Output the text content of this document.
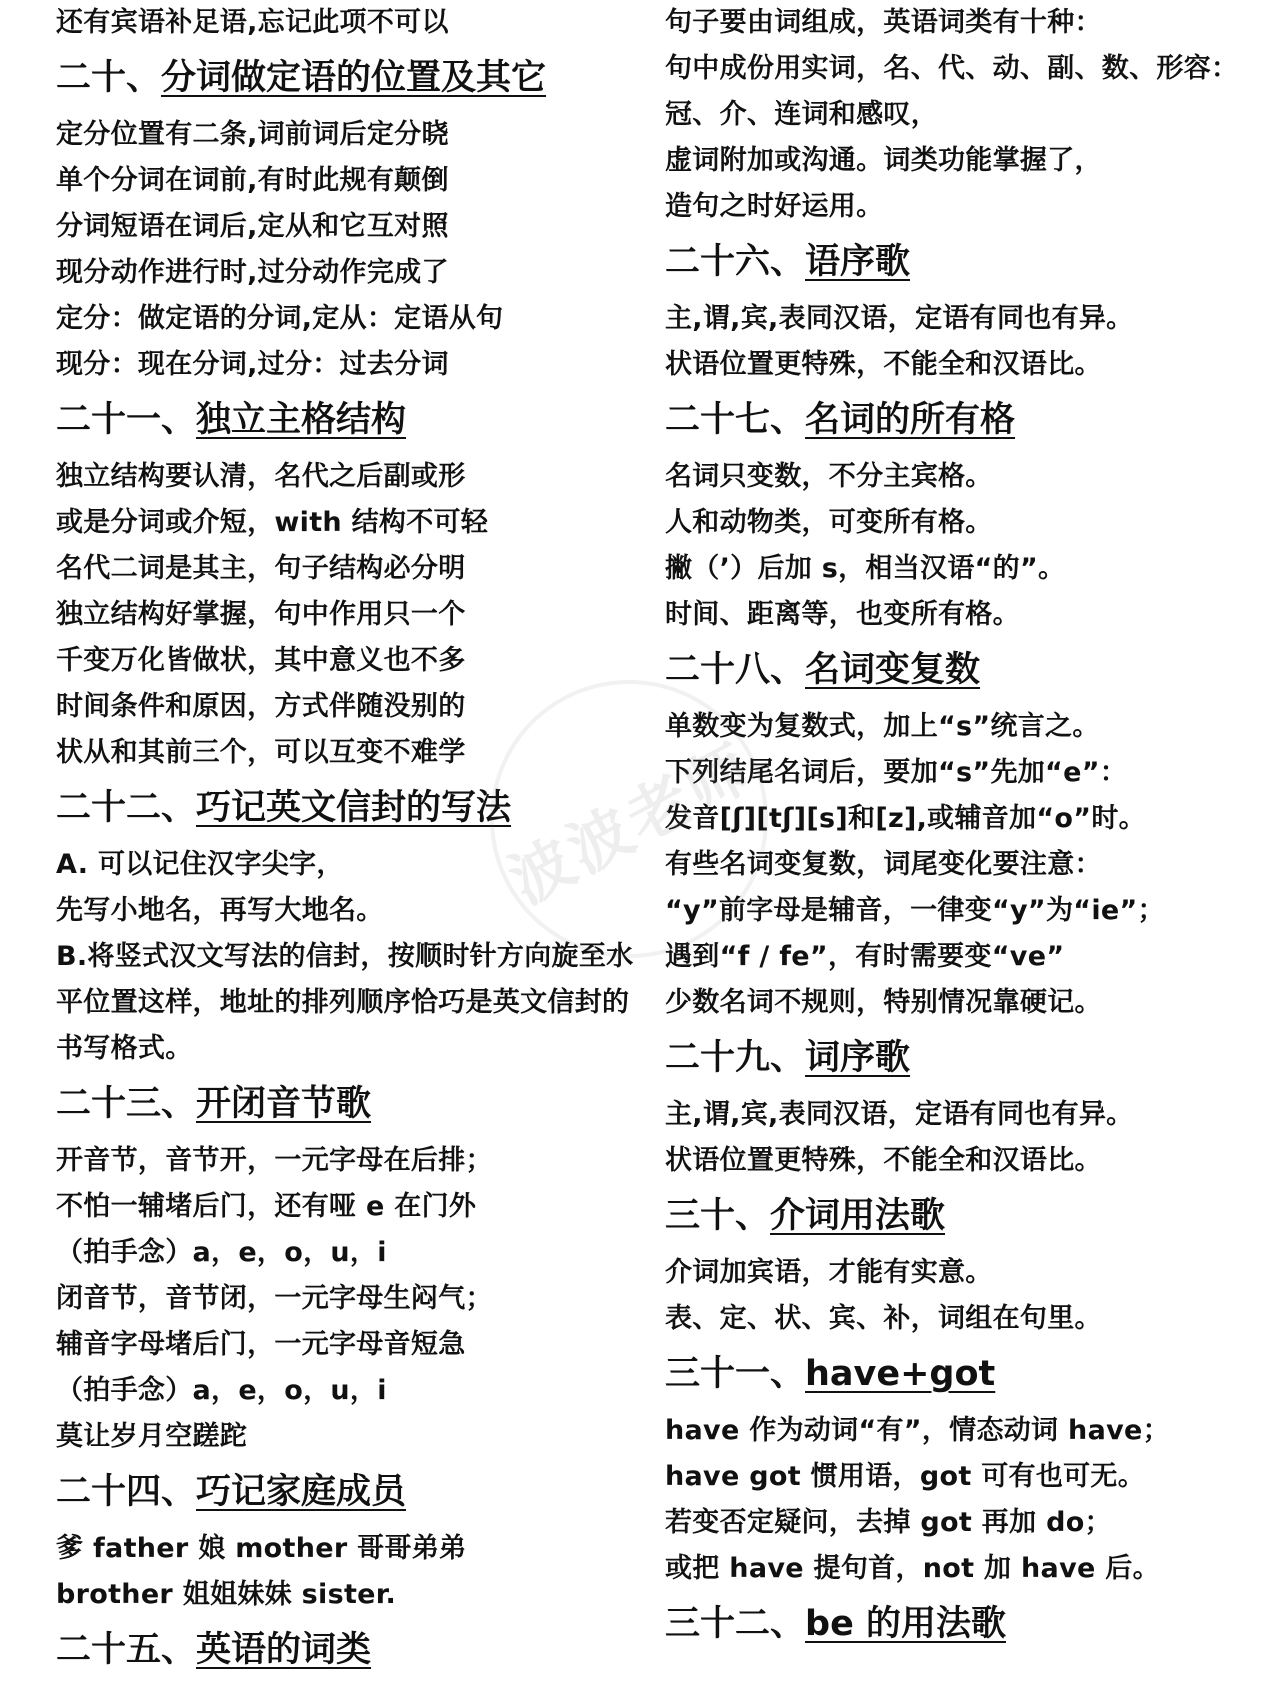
还有宾语补足语,忘记此项不可以
二十、分词做定语的位置及其它
定分位置有二条,词前词后定分晓
单个分词在词前,有时此规有颠倒
分词短语在词后,定从和它互对照
现分动作进行时,过分动作完成了
定分：做定语的分词,定从：定语从句
现分：现在分词,过分：过去分词
二十一、独立主格结构
独立结构要认清，名代之后副或形
或是分词或介短，with 结构不可轻
名代二词是其主，句子结构必分明
独立结构好掌握，句中作用只一个
千变万化皆做状，其中意义也不多
时间条件和原因，方式伴随没别的
状从和其前三个，可以互变不难学
二十二、巧记英文信封的写法
A. 可以记住汉字尖字，
先写小地名，再写大地名。
B.将竖式汉文写法的信封，按顺时针方向旋至水
平位置这样，地址的排列顺序恰巧是英文信封的
书写格式。
二十三、开闭音节歌
开音节，音节开，一元字母在后排；
不怕一辅堵后门，还有哑 e 在门外
（拍手念）a，e，o，u，i
闭音节，音节闭，一元字母生闷气；
辅音字母堵后门，一元字母音短急
（拍手念）a，e，o，u，i
莫让岁月空蹉跎
二十四、巧记家庭成员
爹 father 娘 mother 哥哥弟弟
brother 姐姐妹妹 sister.
二十五、英语的词类
句子要由词组成，英语词类有十种：
句中成份用实词，名、代、动、副、数、形容：
冠、介、连词和感叹，
虚词附加或沟通。词类功能掌握了，
造句之时好运用。
二十六、语序歌
主,谓,宾,表同汉语，定语有同也有异。
状语位置更特殊，不能全和汉语比。
二十七、名词的所有格
名词只变数，不分主宾格。
人和动物类，可变所有格。
撇（’）后加 s，相当汉语“的”。
时间、距离等，也变所有格。
二十八、名词变复数
单数变为复数式，加上“s”统言之。
下列结尾名词后，要加“s”先加“e”：
发音[ʃ][tʃ][s]和[z],或辅音加“o”时。
有些名词变复数，词尾变化要注意：
“y”前字母是辅音，一律变“y”为“ie”；
遇到“f / fe”，有时需要变“ve”
少数名词不规则，特别情况靠硬记。
二十九、词序歌
主,谓,宾,表同汉语，定语有同也有异。
状语位置更特殊，不能全和汉语比。
三十、介词用法歌
介词加宾语，才能有实意。
表、定、状、宾、补，词组在句里。
三十一、have+got
have 作为动词“有”，情态动词 have；
have got 惯用语，got 可有也可无。
若变否定疑问，去掉 got 再加 do；
或把 have 提句首，not 加 have 后。
三十二、be 的用法歌
波波老师
